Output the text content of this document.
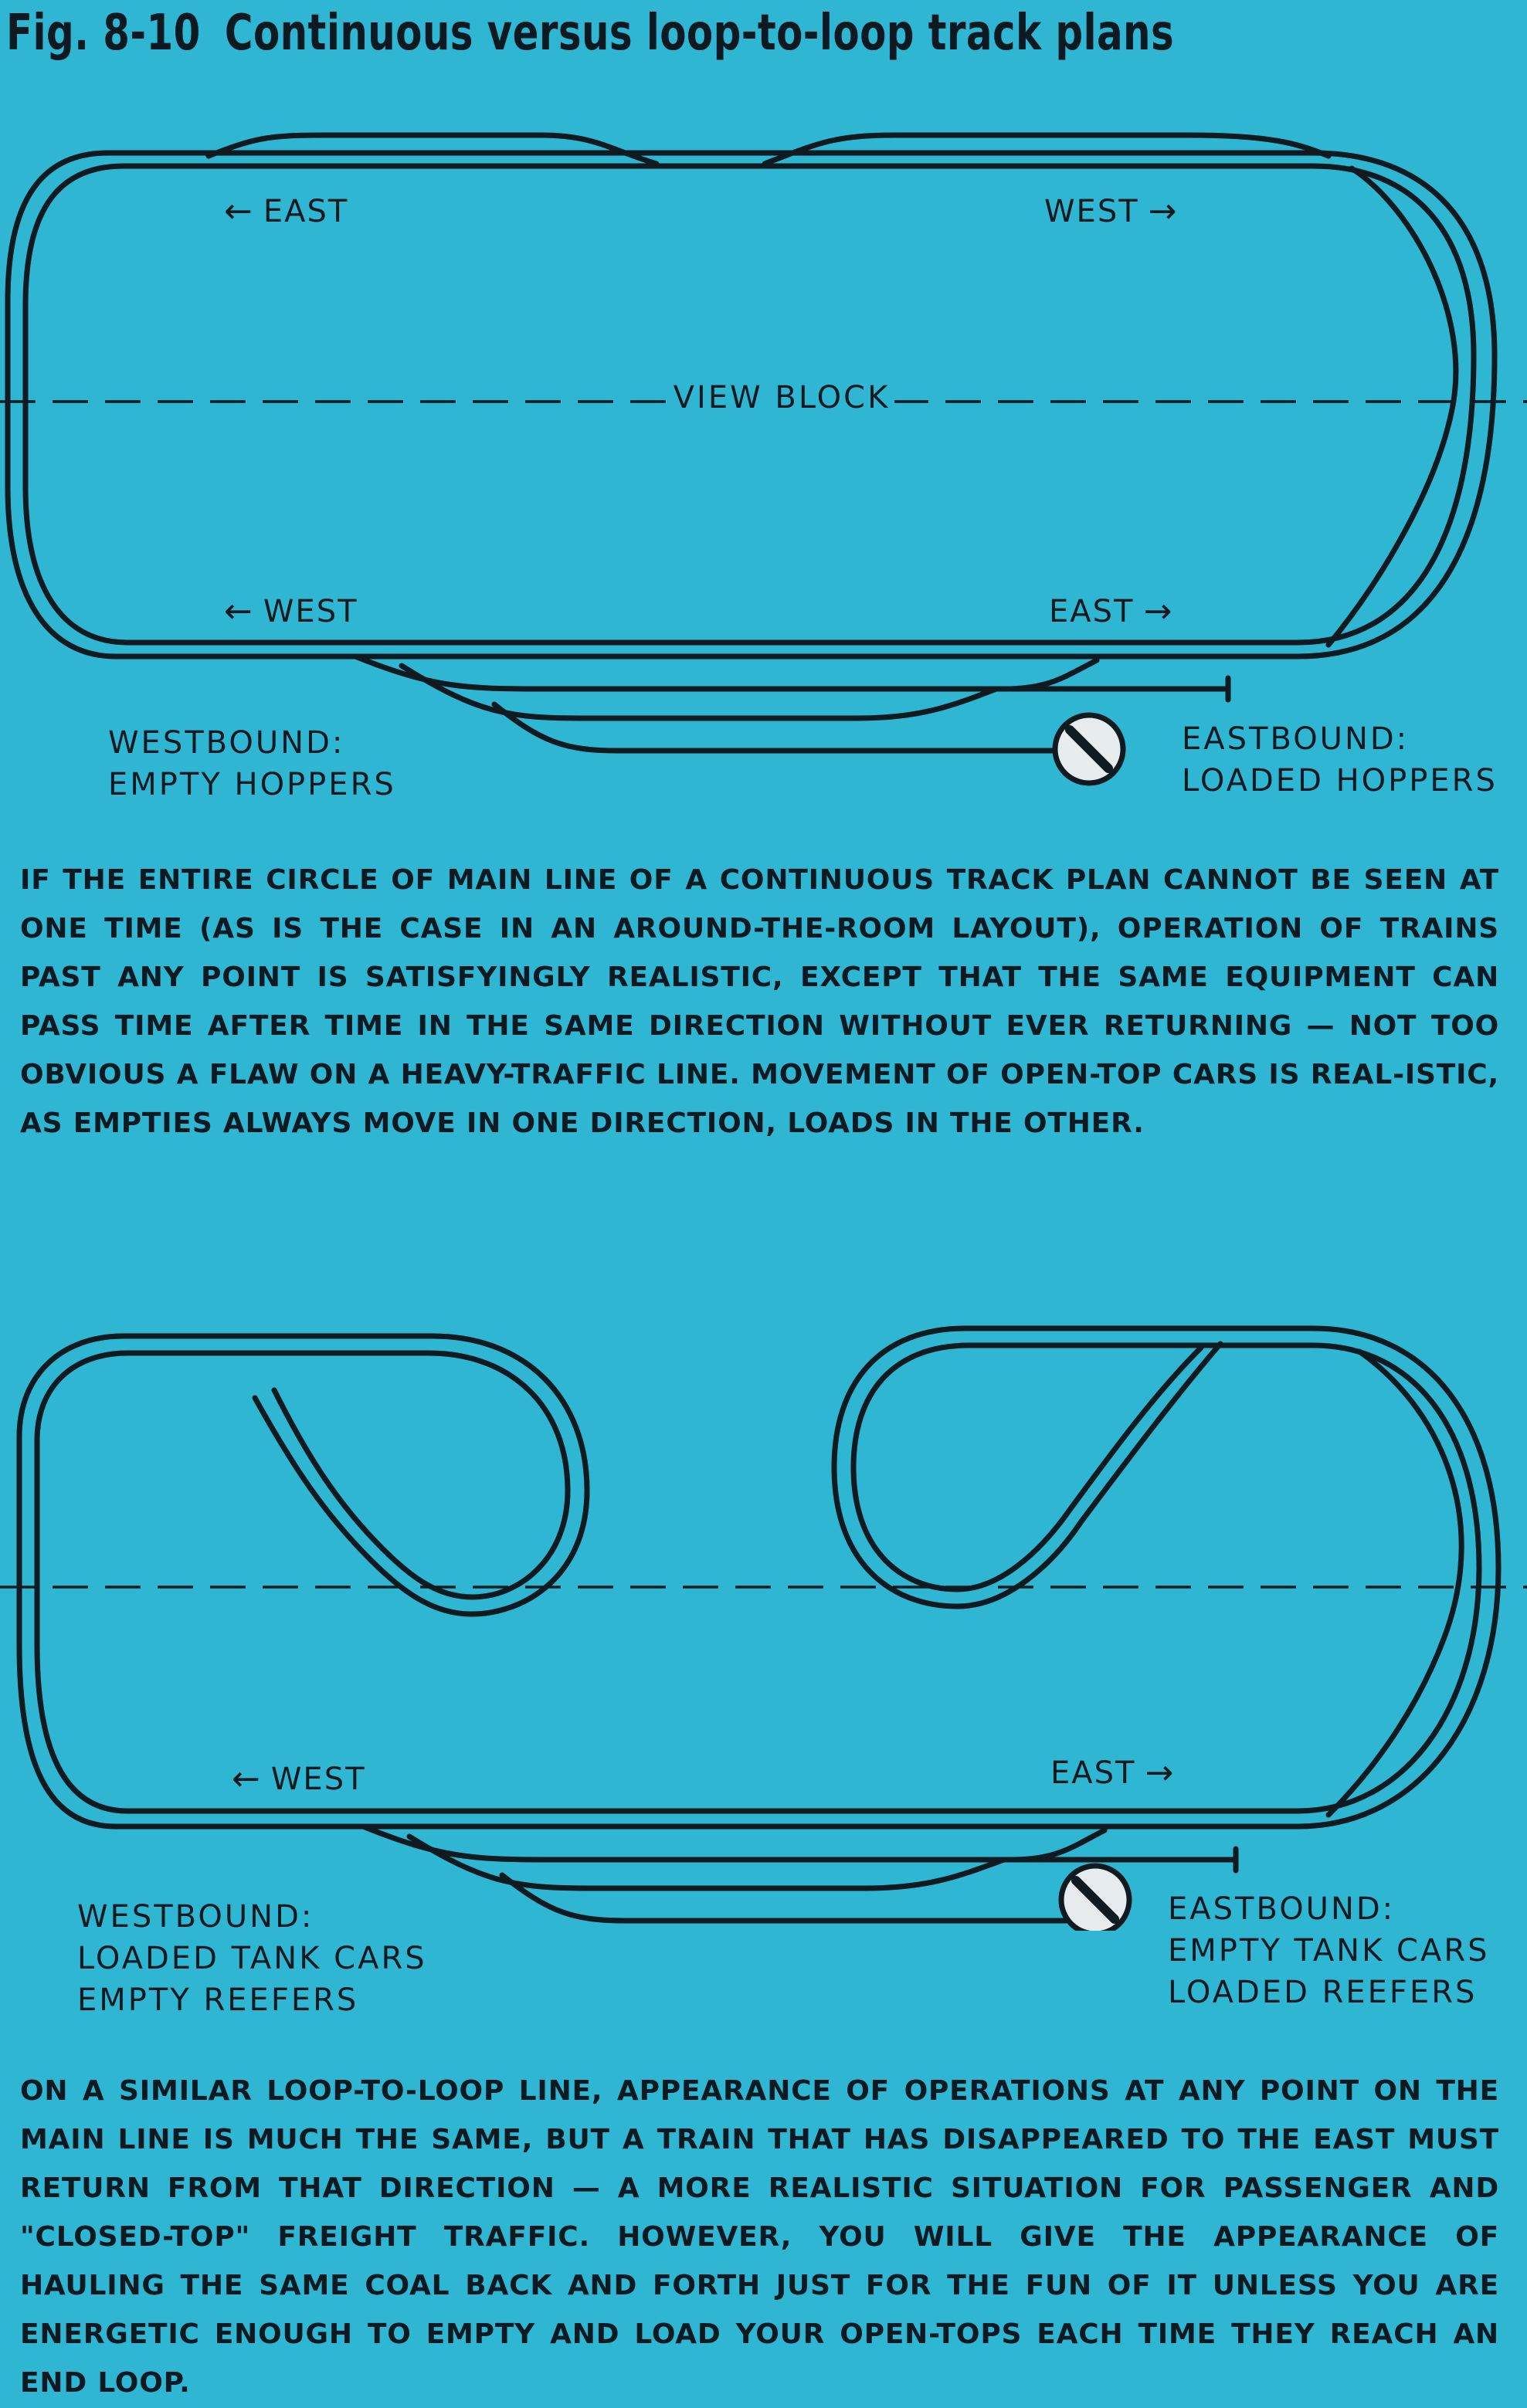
Fig. 8-10 Continuous versus loop-to-loop track plans
VIEW BLOCK
← EAST	WEST →
← WEST	EAST →
WESTBOUND:
EMPTY HOPPERS
EASTBOUND:
LOADED HOPPERS

IF THE ENTIRE CIRCLE OF MAIN LINE OF A CONTINUOUS TRACK PLAN CANNOT BE SEEN AT ONE TIME (AS IS THE CASE IN AN AROUND-THE-ROOM LAYOUT), OPERATION OF TRAINS PAST ANY POINT IS SATISFYINGLY REALISTIC, EXCEPT THAT THE SAME EQUIPMENT CAN PASS TIME AFTER TIME IN THE SAME DIRECTION WITHOUT EVER RETURNING — NOT TOO OBVIOUS A FLAW ON A HEAVY-TRAFFIC LINE. MOVEMENT OF OPEN-TOP CARS IS REAL-ISTIC, AS EMPTIES ALWAYS MOVE IN ONE DIRECTION, LOADS IN THE OTHER.

← WEST	EAST →
WESTBOUND:
LOADED TANK CARS
EMPTY REEFERS
EASTBOUND:
EMPTY TANK CARS
LOADED REEFERS

ON A SIMILAR LOOP-TO-LOOP LINE, APPEARANCE OF OPERATIONS AT ANY POINT ON THE MAIN LINE IS MUCH THE SAME, BUT A TRAIN THAT HAS DISAPPEARED TO THE EAST MUST RETURN FROM THAT DIRECTION — A MORE REALISTIC SITUATION FOR PASSENGER AND "CLOSED-TOP" FREIGHT TRAFFIC. HOWEVER, YOU WILL GIVE THE APPEARANCE OF HAULING THE SAME COAL BACK AND FORTH JUST FOR THE FUN OF IT UNLESS YOU ARE ENERGETIC ENOUGH TO EMPTY AND LOAD YOUR OPEN-TOPS EACH TIME THEY REACH AN END LOOP.
